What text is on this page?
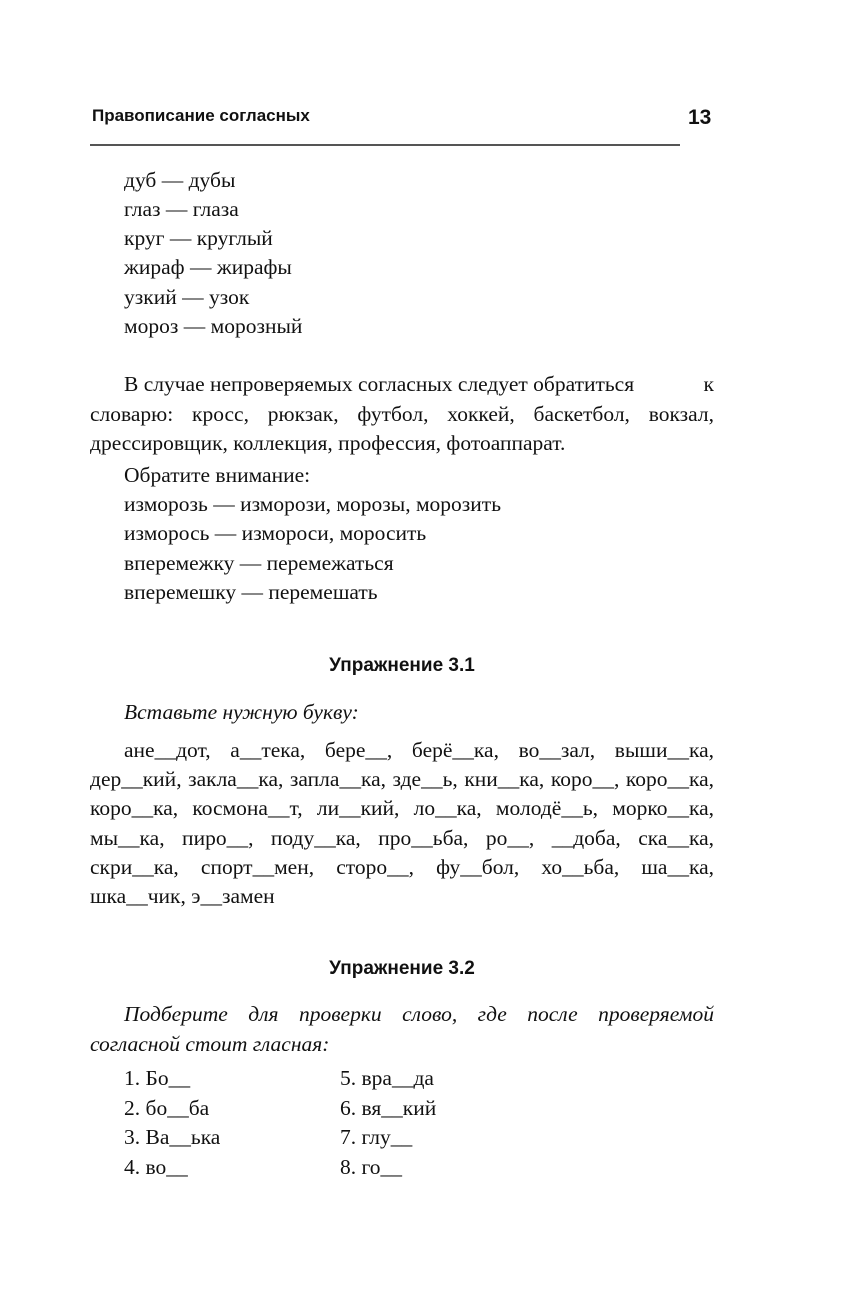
Правописание согласных	13
дуб — дубы
глаз — глаза
круг — круглый
жираф — жирафы
узкий — узок
мороз — морозный
В случае непроверяемых согласных следует обратиться	к словарю: кросс, рюкзак, футбол, хоккей, баскетбол, вокзал, дрессировщик, коллекция, профессия, фотоаппарат.
Обратите внимание:
изморозь — изморози, морозы, морозить
изморось — измороси, моросить
вперемежку — перемежаться
вперемешку — перемешать
Упражнение 3.1
Вставьте нужную букву:
ане__дот, а__тека, бере__, берё__ка, во__зал, выши__ка, дер__кий, закла__ка, запла__ка, зде__ь, кни__ка, коро__, коро__ка, коро__ка, космона__т, ли__кий, ло__ка, молодё__ь, морко__ка, мы__ка, пиро__, поду__ка, про__ьба, ро__, __доба, ска__ка, скри__ка, спорт__мен, сторо__, фу__бол, хо__ьба, ша__ка, шка__чик, э__замен
Упражнение 3.2
Подберите для проверки слово, где после проверяемой согласной стоит гласная:
1. Бо__
2. бо__ба
3. Ва__ька
4. во__
5. вра__да
6. вя__кий
7. глу__
8. го__
